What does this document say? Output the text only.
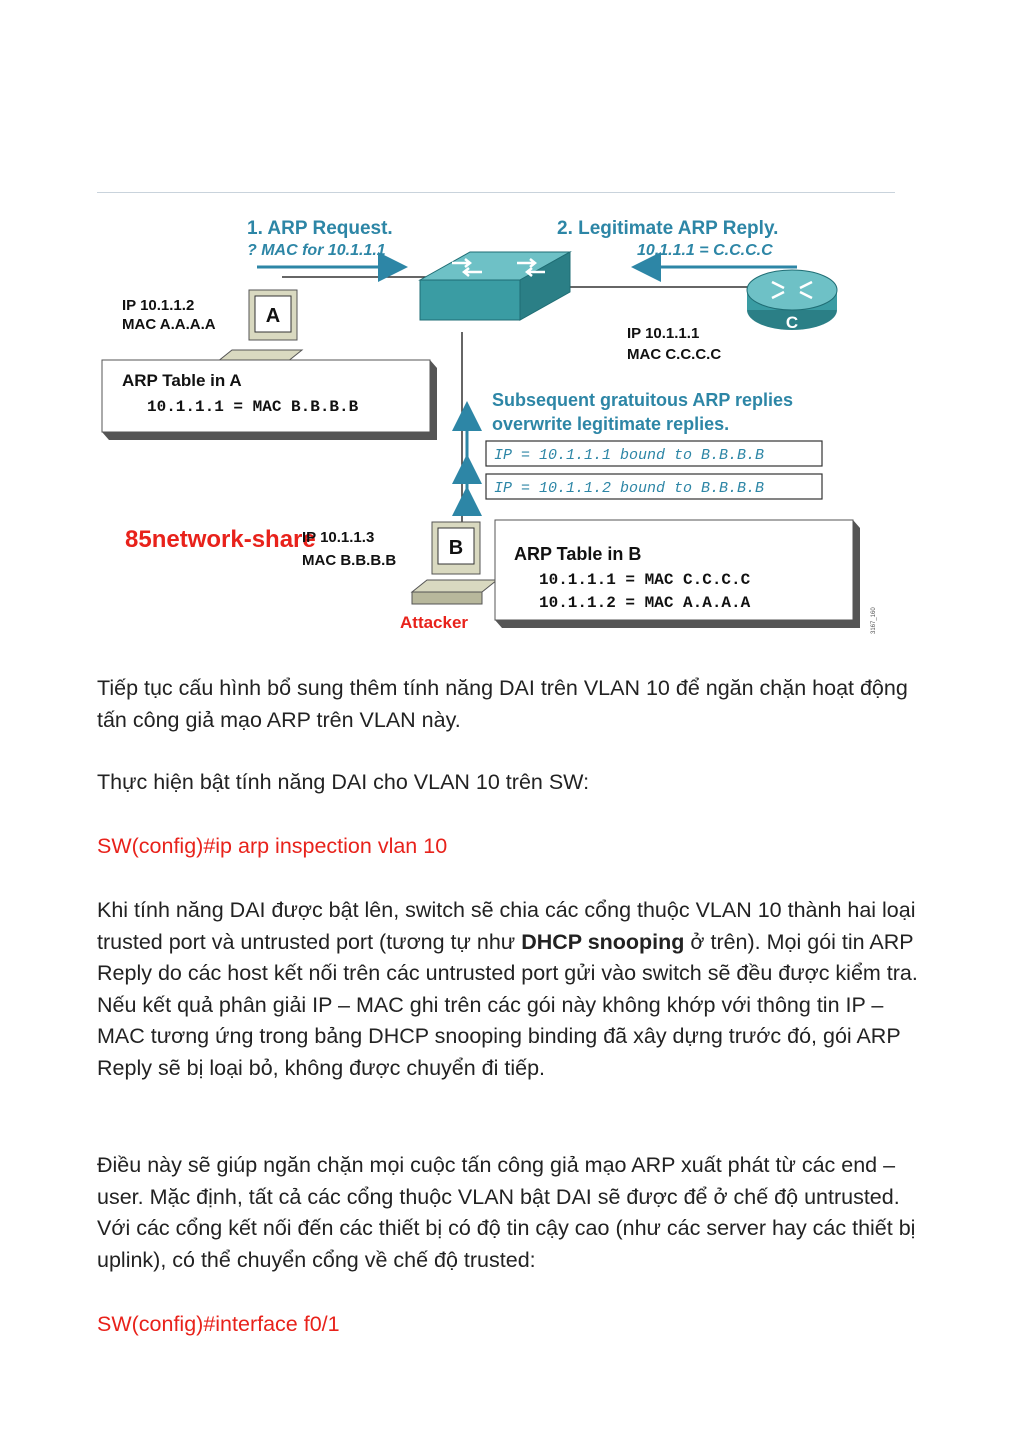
1. ARP Request.
? MAC for 10.1.1.1
2. Legitimate ARP Reply.
10.1.1.1 = C.C.C.C
C
IP 10.1.1.1
MAC C.C.C.C
IP 10.1.1.2
MAC A.A.A.A	A
ARP Table in A
10.1.1.1 = MAC B.B.B.B	Subsequent gratuitous ARP replies
overwrite legitimate replies.
IP = 10.1.1.1 bound to B.B.B.B
IP = 10.1.1.2 bound to B.B.B.B
85network-share
IP 10.1.1.3
MAC B.B.B.B
B
Attacker
ARP Table in B
10.1.1.1 = MAC C.C.C.C
10.1.1.2 = MAC A.A.A.A
3167_160
Tiếp tục cấu hình bổ sung thêm tính năng DAI trên VLAN 10 để ngăn chặn hoạt động tấn công giả mạo ARP trên VLAN này.
Thực hiện bật tính năng DAI cho VLAN 10 trên SW:
SW(config)#ip arp inspection vlan 10
Khi tính năng DAI được bật lên, switch sẽ chia các cổng thuộc VLAN 10 thành hai loại trusted port và untrusted port (tương tự như DHCP snooping ở trên). Mọi gói tin ARP Reply do các host kết nối trên các untrusted port gửi vào switch sẽ đều được kiểm tra. Nếu kết quả phân giải IP – MAC ghi trên các gói này không khớp với thông tin IP – MAC tương ứng trong bảng DHCP snooping binding đã xây dựng trước đó, gói ARP Reply sẽ bị loại bỏ, không được chuyển đi tiếp.
Điều này sẽ giúp ngăn chặn mọi cuộc tấn công giả mạo ARP xuất phát từ các end – user. Mặc định, tất cả các cổng thuộc VLAN bật DAI sẽ được để ở chế độ untrusted. Với các cổng kết nối đến các thiết bị có độ tin cậy cao (như các server hay các thiết bị uplink), có thể chuyển cổng về chế độ trusted:
SW(config)#interface f0/1
